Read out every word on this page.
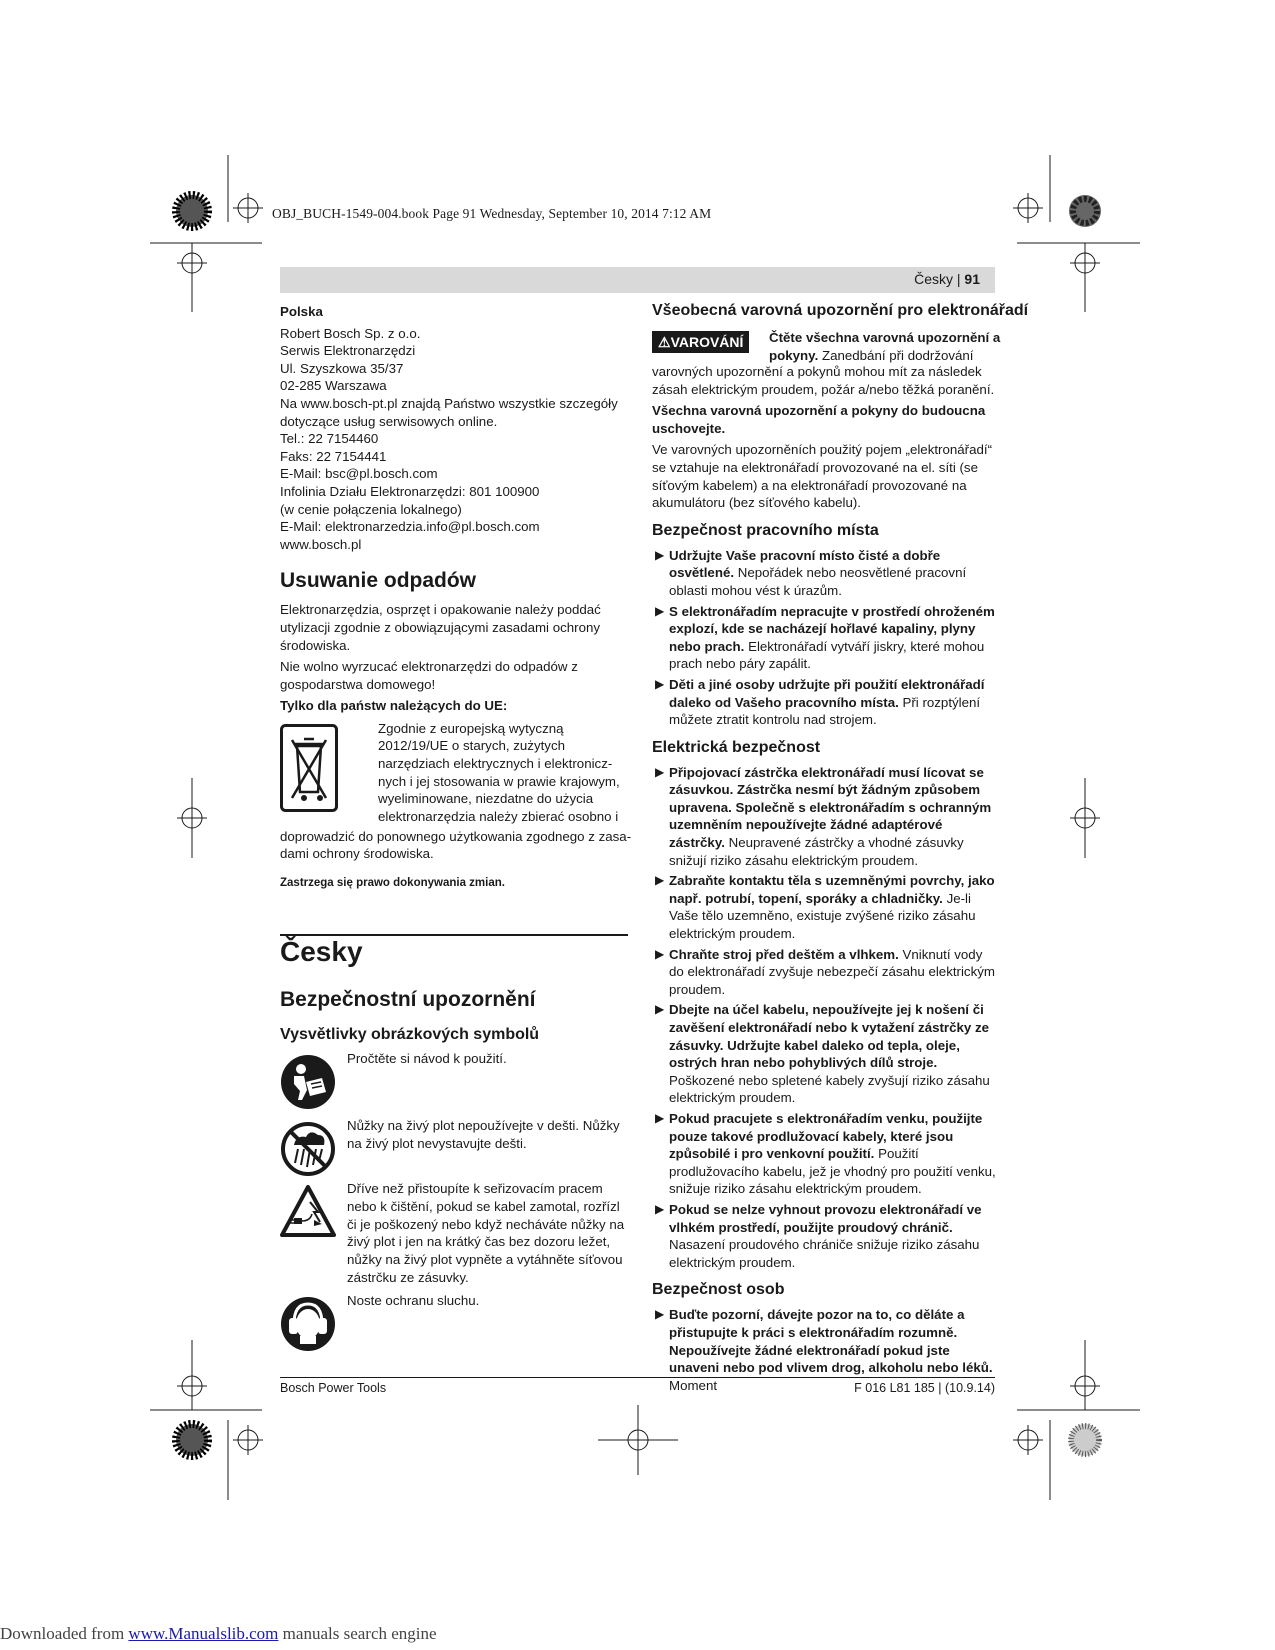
OBJ_BUCH-1549-004.book Page 91 Wednesday, September 10, 2014 7:12 AM
Česky | 91
Polska
Robert Bosch Sp. z o.o.
Serwis Elektronarzędzi
Ul. Szyszkowa 35/37
02-285 Warszawa
Na www.bosch-pt.pl znajdą Państwo wszystkie szczegóły
dotyczące usług serwisowych online.
Tel.: 22 7154460
Faks: 22 7154441
E-Mail: bsc@pl.bosch.com
Infolinia Działu Elektronarzędzi: 801 100900
(w cenie połączenia lokalnego)
E-Mail: elektronarzedzia.info@pl.bosch.com
www.bosch.pl
Usuwanie odpadów

Elektronarzędzia, osprzęt i opakowanie należy poddać utylizacji zgodnie z obowiązującymi zasadami ochrony środowiska.

Nie wolno wyrzucać elektronarzędzi do odpadów z gospodarstwa domowego!

Tylko dla państw należących do UE:
Zgodnie z europejską wytyczną
2012/19/UE o starych, zużytych
narzędziach elektrycznych i elektronicz-
nych i jej stosowania w prawie krajowym,
wyeliminowane, niezdatne do użycia
elektronarzędzia należy zbierać osobno i
doprowadzić do ponownego użytkowania zgodnego z zasa-
dami ochrony środowiska.
Zastrzega się prawo dokonywania zmian.
Česky
Bezpečnostní upozornění
Vysvětlivky obrázkových symbolů
Pročtěte si návod k použití.
Nůžky na živý plot nepoužívejte v dešti. Nůžky na živý plot nevystavujte dešti.
Dříve než přistoupíte k seřizovacím pracem nebo k čištění, pokud se kabel zamotal, rozřízl či je poškozený nebo když necháváte nůžky na živý plot i jen na krátký čas bez dozoru ležet, nůžky na živý plot vypněte a vytáhněte síťovou zástrčku ze zásuvky.
Noste ochranu sluchu.
Všeobecná varovná upozornění pro elektronářadí
⚠VAROVÁNÍ	Čtěte všechna varovná upozornění a
pokyny. Zanedbání při dodržování

varovných upozornění a pokynů mohou mít za následek zásah elektrickým proudem, požár a/nebo těžká poranění.

Všechna varovná upozornění a pokyny do budoucna uschovejte.

Ve varovných upozorněních použitý pojem „elektronářadí“ se vztahuje na elektronářadí provozované na el. síti (se síťovým kabelem) a na elektronářadí provozované na akumulátoru (bez síťového kabelu).

Bezpečnost pracovního místa
▶ Udržujte Vaše pracovní místo čisté a dobře osvětlené. Nepořádek nebo neosvětlené pracovní oblasti mohou vést k úrazům.
▶ S elektronářadím nepracujte v prostředí ohroženém explozí, kde se nacházejí hořlavé kapaliny, plyny nebo prach. Elektronářadí vytváří jiskry, které mohou prach nebo páry zapálit.
▶ Děti a jiné osoby udržujte při použití elektronářadí daleko od Vašeho pracovního místa. Při rozptýlení můžete ztratit kontrolu nad strojem.
Elektrická bezpečnost
▶ Připojovací zástrčka elektronářadí musí lícovat se zásuvkou. Zástrčka nesmí být žádným způsobem upravena. Společně s elektronářadím s ochranným uzemněním nepoužívejte žádné adaptérové zástrčky. Neupravené zástrčky a vhodné zásuvky snižují riziko zásahu elektrickým proudem.
▶ Zabraňte kontaktu těla s uzemněnými povrchy, jako např. potrubí, topení, sporáky a chladničky. Je-li Vaše tělo uzemněno, existuje zvýšené riziko zásahu elektrickým proudem.
▶ Chraňte stroj před deštěm a vlhkem. Vniknutí vody do elektronářadí zvyšuje nebezpečí zásahu elektrickým proudem.
▶ Dbejte na účel kabelu, nepoužívejte jej k nošení či zavěšení elektronářadí nebo k vytažení zástrčky ze zásuvky. Udržujte kabel daleko od tepla, oleje, ostrých hran nebo pohyblivých dílů stroje. Poškozené nebo spletené kabely zvyšují riziko zásahu elektrickým proudem.
▶ Pokud pracujete s elektronářadím venku, použijte pouze takové prodlužovací kabely, které jsou způsobilé i pro venkovní použití. Použití prodlužovacího kabelu, jež je vhodný pro použití venku, snižuje riziko zásahu elektrickým proudem.
▶ Pokud se nelze vyhnout provozu elektronářadí ve vlhkém prostředí, použijte proudový chránič. Nasazení proudového chrániče snižuje riziko zásahu elektrickým proudem.
Bezpečnost osob
▶ Buďte pozorní, dávejte pozor na to, co děláte a přistupujte k práci s elektronářadím rozumně. Nepoužívejte žádné elektronářadí pokud jste unaveni nebo pod vlivem drog, alkoholu nebo léků. Moment
Bosch Power Tools	F 016 L81 185 | (10.9.14)
Downloaded from www.Manualslib.com manuals search engine
